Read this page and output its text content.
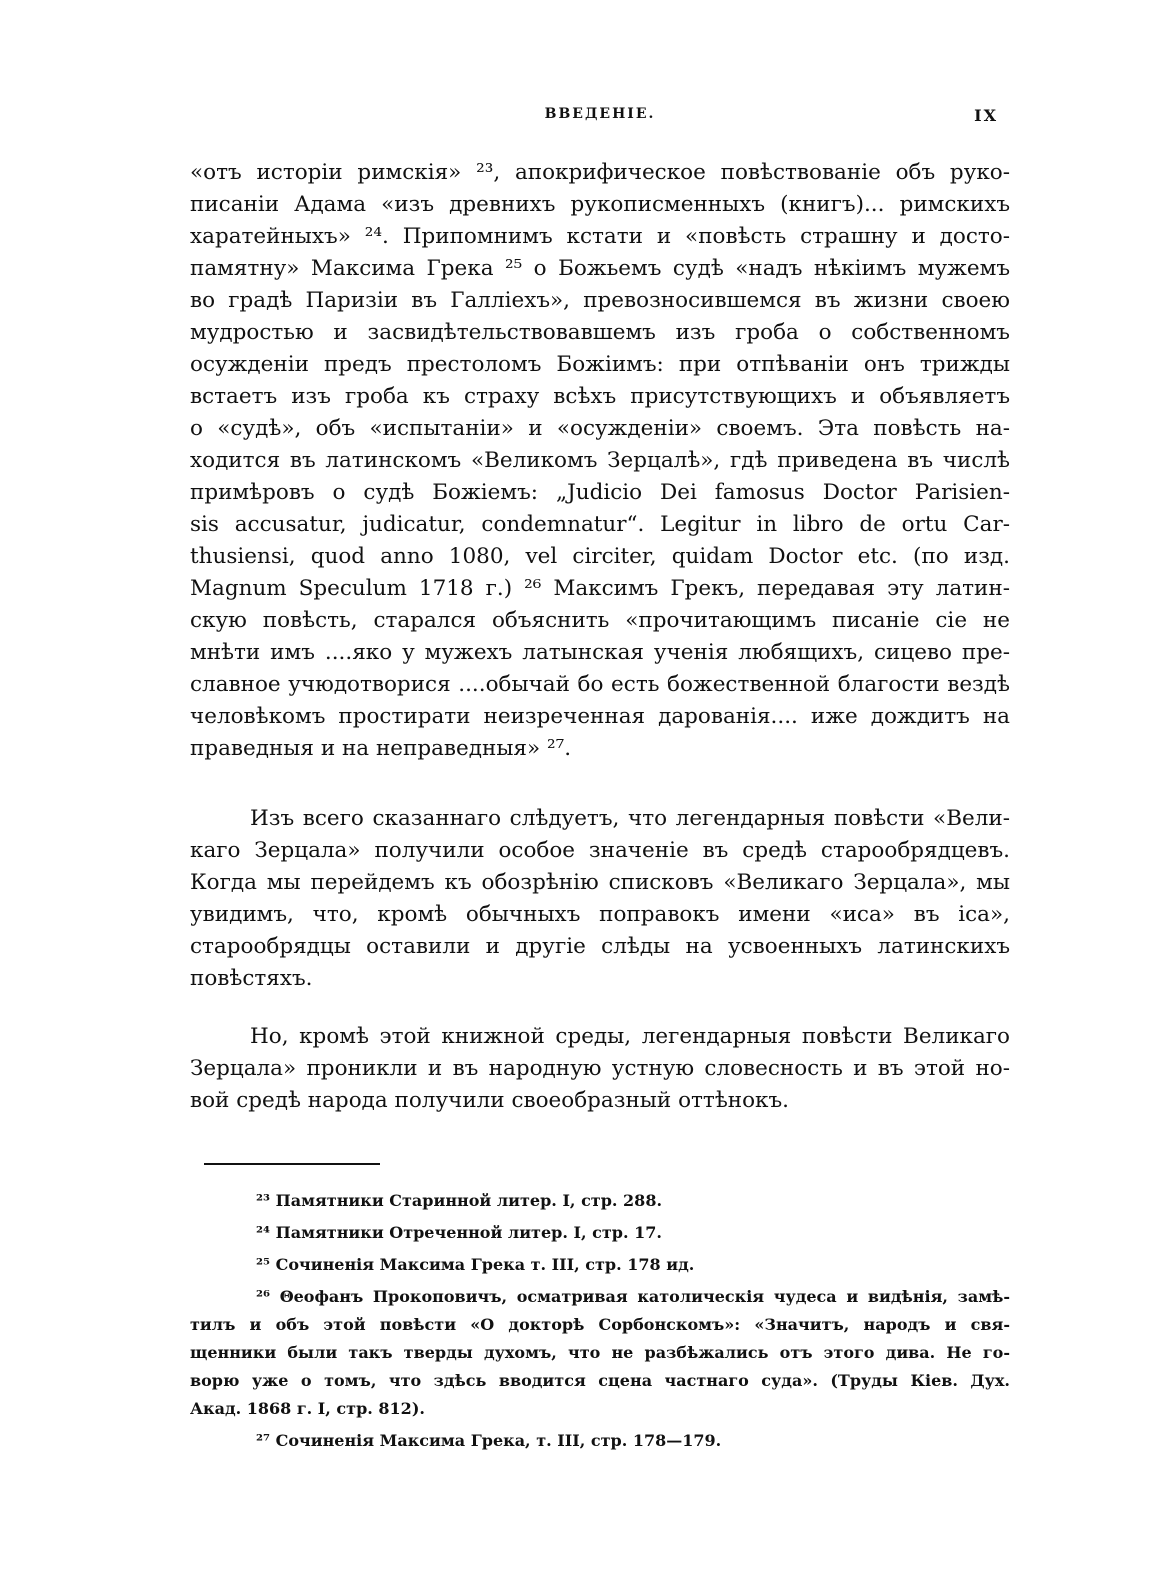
ВВЕДЕНІЕ.	IX
«отъ исторіи римскія» ²³, апокрифическое повѣствованіе объ руко-
писаніи Адама «изъ древнихъ рукописменныхъ (книгъ)... римскихъ
харатейныхъ» ²⁴. Припомнимъ кстати и «повѣсть страшну и досто-
памятну» Максима Грека ²⁵ о Божьемъ судѣ «надъ нѣкіимъ мужемъ
во градѣ Паризіи въ Галліехъ», превозносившемся въ жизни своею
мудростью и засвидѣтельствовавшемъ изъ гроба о собственномъ
осужденіи предъ престоломъ Божіимъ: при отпѣваніи онъ трижды
встаетъ изъ гроба къ страху всѣхъ присутствующихъ и объявляетъ
о «судѣ», объ «испытаніи» и «осужденіи» своемъ. Эта повѣсть на-
ходится въ латинскомъ «Великомъ Зерцалѣ», гдѣ приведена въ числѣ
примѣровъ о судѣ Божіемъ: „Judicio Dei famosus Doctor Parisien-
sis accusatur, judicatur, condemnatur“. Legitur in libro de ortu Car-
thusiensi, quod anno 1080, vel circiter, quidam Doctor etc. (по изд.
Magnum Speculum 1718 г.) ²⁶ Максимъ Грекъ, передавая эту латин-
скую повѣсть, старался объяснить «прочитающимъ писаніе сіе не
мнѣти имъ ....яко у мужехъ латынская ученія любящихъ, сицево пре-
славное учюдотворися ....обычай бо есть божественной благости вездѣ
человѣкомъ простирати неизреченная дарованія.... иже дождитъ на
праведныя и на неправедныя» ²⁷.
Изъ всего сказаннаго слѣдуетъ, что легендарныя повѣсти «Вели-
каго Зерцала» получили особое значеніе въ средѣ старообрядцевъ.
Когда мы перейдемъ къ обозрѣнію списковъ «Великаго Зерцала», мы
увидимъ, что, кромѣ обычныхъ поправокъ имени «иса» въ іса»,
старообрядцы оставили и другіе слѣды на усвоенныхъ латинскихъ
повѣстяхъ.
Но, кромѣ этой книжной среды, легендарныя повѣсти Великаго
Зерцала» проникли и въ народную устную словесность и въ этой но-
вой средѣ народа получили своеобразный оттѣнокъ.
²³ Памятники Старинной литер. I, стр. 288.
²⁴ Памятники Отреченной литер. I, стр. 17.
²⁵ Сочиненія Максима Грека т. III, стр. 178 ид.
²⁶ Θеофанъ Прокоповичъ, осматривая католическія чудеса и видѣнія, замѣ-
тилъ и объ этой повѣсти «О докторѣ Сорбонскомъ»: «Значитъ, народъ и свя-
щенники были такъ тверды духомъ, что не разбѣжались отъ этого дива. Не го-
ворю уже о томъ, что здѣсь вводится сцена частнаго суда». (Труды Кіев. Дух.
Акад. 1868 г. I, стр. 812).
²⁷ Сочиненія Максима Грека, т. III, стр. 178—179.
